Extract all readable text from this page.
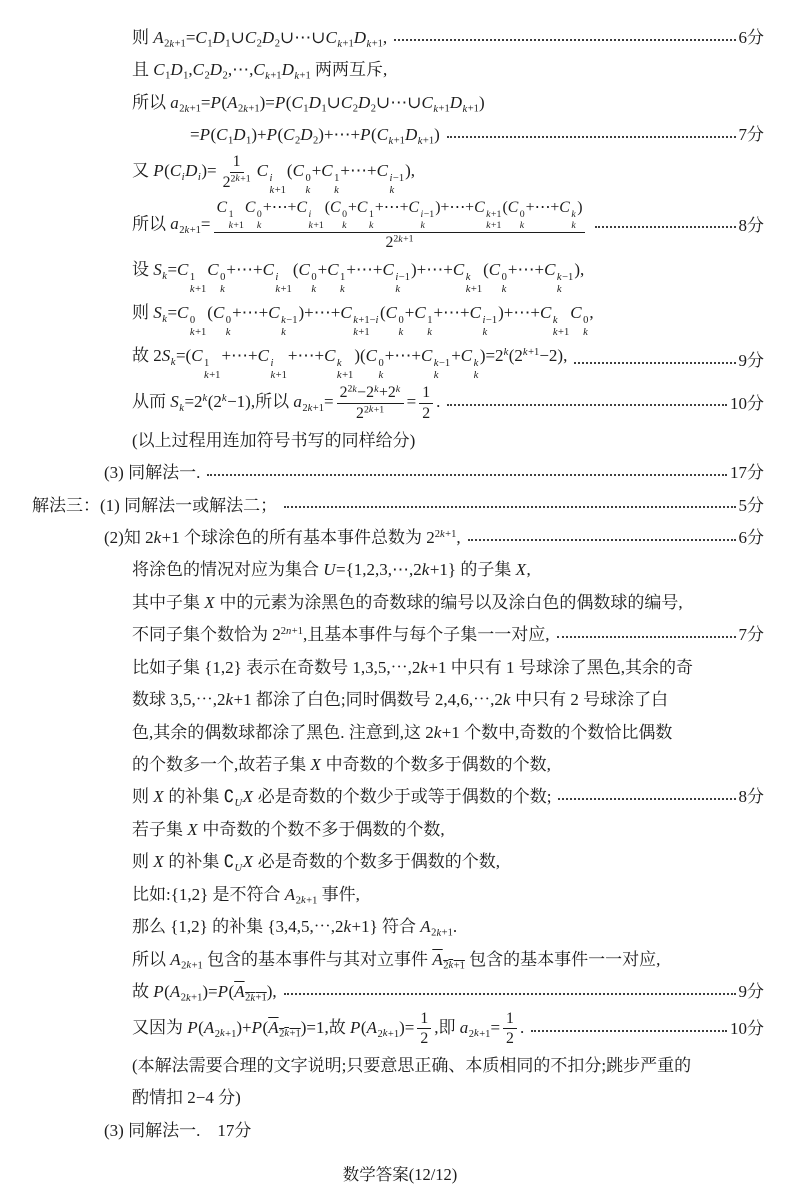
则 $A_{2k+1}=C_1D_1\cup C_2D_2\cup\cdots\cup C_{k+1}D_{k+1}$,	6分
且 $C_1D_1,C_2D_2,\cdots,C_{k+1}D_{k+1}$ 两两互斥,
所以 $a_{2k+1}=P(A_{2k+1})=P(C_1D_1\cup C_2D_2\cup\cdots\cup C_{k+1}D_{k+1})$
$=P(C_1D_1)+P(C_2D_2)+\cdots+P(C_{k+1}D_{k+1})$	7分
又 $P(C_iD_i)= \frac{1}{2^{2k+1}}$ C i
k+1
(C 0
k
+C 1
k
+⋯+C i−1
k
),
所以 $a_{2k+1}= C$ 1
k+1
C 0
k
+⋯+C i
k+1
(C 0
k
+C 1
k
+⋯+C i−1
k
)+⋯+C k+1
k+1
(C 0
k
+⋯+C k
k
)
$2^{2k+1}$	8分
设 $S_k=C$ 1
k+1
C 0
k
+⋯+C i
k+1
(C 0
k
+C 1
k
+⋯+C i−1
k
)+⋯+C k
k+1
(C 0
k
+⋯+C k−1
k
),
则 $S_k=C$ 0
k+1
(C 0
k
+⋯+C k−1
k
)+⋯+C k+1−i
k+1
(C 0
k
+C 1
k
+⋯+C i−1
k
)+⋯+C k
k+1
C 0
k
,
故 $2S_k=(C$ 1
k+1
+⋯+C i
k+1
+⋯+C k
k+1
)(C 0
k
+⋯+C k−1
k
+C k
k
)$=2^k(2^{k+1}-2)$,	9分
从而 $S_k=2^k(2^k-1)$,所以 $a_{2k+1}= \frac{2^{2k}-2^k+2^k}{2^{2k+1}} = \frac{1}{2}$ .	10分
(以上过程用连加符号书写的同样给分)
(3) 同解法一.	17分
解法三：(1) 同解法一或解法二；	5分
(2)知 2k+1 个球涂色的所有基本事件总数为 $2^{2k+1}$,	6分
将涂色的情况对应为集合 U={1,2,3,⋯,2k+1} 的子集 X,
其中子集 X 中的元素为涂黑色的奇数球的编号以及涂白色的偶数球的编号,
不同子集个数恰为 $2^{2n+1}$,且基本事件与每个子集一一对应,	7分
比如子集 {1,2} 表示在奇数号 1,3,5,⋯,2k+1 中只有 1 号球涂了黑色,其余的奇
数球 3,5,⋯,2k+1 都涂了白色;同时偶数号 2,4,6,⋯,2k 中只有 2 号球涂了白
色,其余的偶数球都涂了黑色. 注意到,这 2k+1 个数中,奇数的个数恰比偶数
的个数多一个,故若子集 X 中奇数的个数多于偶数的个数,
则 X 的补集 $∁_UX$ 必是奇数的个数少于或等于偶数的个数;	8分
若子集 X 中奇数的个数不多于偶数的个数,
则 X 的补集 $∁_UX$ 必是奇数的个数多于偶数的个数,
比如:{1,2} 是不符合 $A_{2k+1}$ 事件,
那么 {1,2} 的补集 {3,4,5,⋯,2k+1} 符合 $A_{2k+1}$.
所以 $A_{2k+1}$ 包含的基本事件与其对立事件 $A_{2k+1}$ 包含的基本事件一一对应,
故 $P(A_{2k+1})=P(A_{2k+1})$,	9分
又因为 $P(A_{2k+1})+P(A_{2k+1})=1$,故 $P(A_{2k+1})= \frac{1}{2}$ ,即 $a_{2k+1}= \frac{1}{2}$ .	10分
(本解法需要合理的文字说明;只要意思正确、本质相同的不扣分;跳步严重的
酌情扣 2−4 分)
(3) 同解法一.　17分
数学答案(12/12)
